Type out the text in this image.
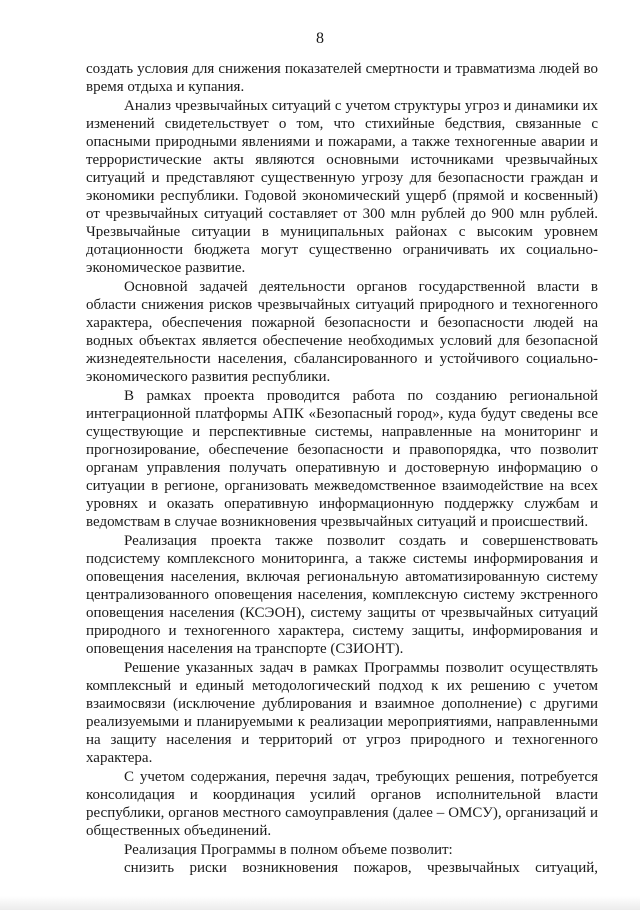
8

создать условия для снижения показателей смертности и травматизма людей во время отдыха и купания.

Анализ чрезвычайных ситуаций с учетом структуры угроз и динамики их изменений свидетельствует о том, что стихийные бедствия, связанные с опасными природными явлениями и пожарами, а также техногенные аварии и террористические акты являются основными источниками чрезвычайных ситуаций и представляют существенную угрозу для безопасности граждан и экономики республики. Годовой экономический ущерб (прямой и косвенный) от чрезвычайных ситуаций составляет от 300 млн рублей до 900 млн рублей. Чрезвычайные ситуации в муниципальных районах с высоким уровнем дотационности бюджета могут существенно ограничивать их социально-экономическое развитие.

Основной задачей деятельности органов государственной власти в области снижения рисков чрезвычайных ситуаций природного и техногенного характера, обеспечения пожарной безопасности и безопасности людей на водных объектах является обеспечение необходимых условий для безопасной жизнедеятельности населения, сбалансированного и устойчивого социально-экономического развития республики.

В рамках проекта проводится работа по созданию региональной интеграционной платформы АПК «Безопасный город», куда будут сведены все существующие и перспективные системы, направленные на мониторинг и прогнозирование, обеспечение безопасности и правопорядка, что позволит органам управления получать оперативную и достоверную информацию о ситуации в регионе, организовать межведомственное взаимодействие на всех уровнях и оказать оперативную информационную поддержку службам и ведомствам в случае возникновения чрезвычайных ситуаций и происшествий.

Реализация проекта также позволит создать и совершенствовать подсистему комплексного мониторинга, а также системы информирования и оповещения населения, включая региональную автоматизированную систему централизованного оповещения населения, комплексную систему экстренного оповещения населения (КСЭОН), систему защиты от чрезвычайных ситуаций природного и техногенного характера, систему защиты, информирования и оповещения населения на транспорте (СЗИОНТ).

Решение указанных задач в рамках Программы позволит осуществлять комплексный и единый методологический подход к их решению с учетом взаимосвязи (исключение дублирования и взаимное дополнение) с другими реализуемыми и планируемыми к реализации мероприятиями, направленными на защиту населения и территорий от угроз природного и техногенного характера.

С учетом содержания, перечня задач, требующих решения, потребуется консолидация и координация усилий органов исполнительной власти республики, органов местного самоуправления (далее – ОМСУ), организаций и общественных объединений.

Реализация Программы в полном объеме позволит:

снизить риски возникновения пожаров, чрезвычайных ситуаций,
